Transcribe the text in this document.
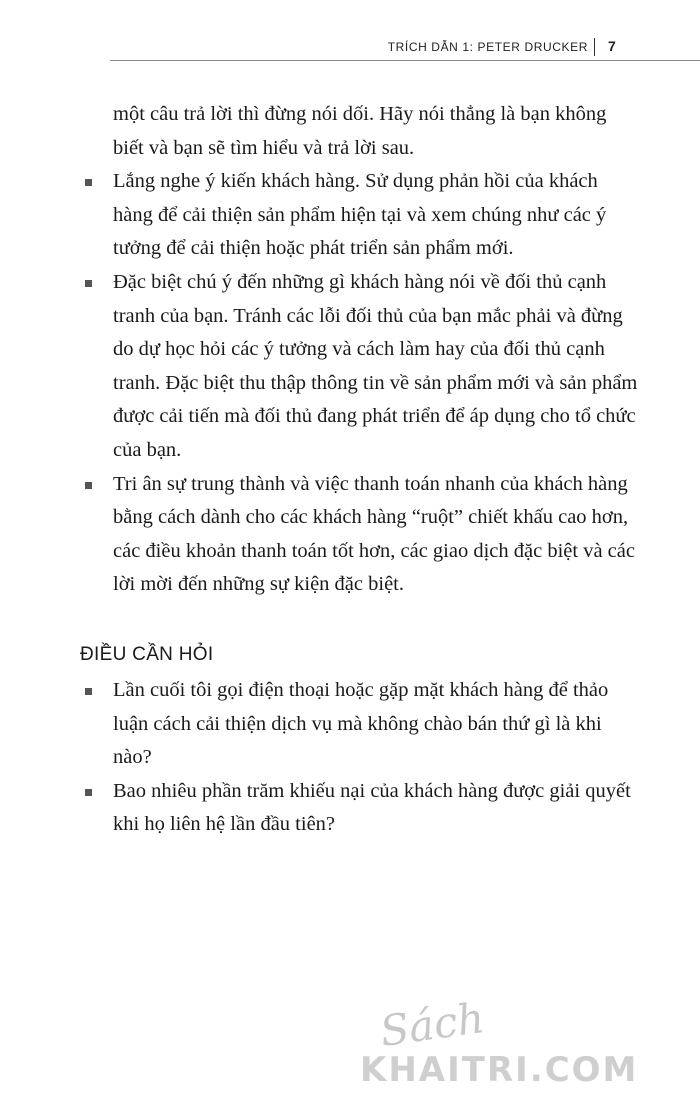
TRÍCH DẪN 1: PETER DRUCKER 7

một câu trả lời thì đừng nói dối. Hãy nói thẳng là bạn không biết và bạn sẽ tìm hiểu và trả lời sau.

Lắng nghe ý kiến khách hàng. Sử dụng phản hồi của khách hàng để cải thiện sản phẩm hiện tại và xem chúng như các ý tưởng để cải thiện hoặc phát triển sản phẩm mới.
Đặc biệt chú ý đến những gì khách hàng nói về đối thủ cạnh tranh của bạn. Tránh các lỗi đối thủ của bạn mắc phải và đừng do dự học hỏi các ý tưởng và cách làm hay của đối thủ cạnh tranh. Đặc biệt thu thập thông tin về sản phẩm mới và sản phẩm được cải tiến mà đối thủ đang phát triển để áp dụng cho tổ chức của bạn.
Tri ân sự trung thành và việc thanh toán nhanh của khách hàng bằng cách dành cho các khách hàng “ruột” chiết khấu cao hơn, các điều khoản thanh toán tốt hơn, các giao dịch đặc biệt và các lời mời đến những sự kiện đặc biệt.
ĐIỀU CẦN HỎI
Lần cuối tôi gọi điện thoại hoặc gặp mặt khách hàng để thảo luận cách cải thiện dịch vụ mà không chào bán thứ gì là khi nào?
Bao nhiêu phần trăm khiếu nại của khách hàng được giải quyết khi họ liên hệ lần đầu tiên?
Sách
KHAITRI.COM
